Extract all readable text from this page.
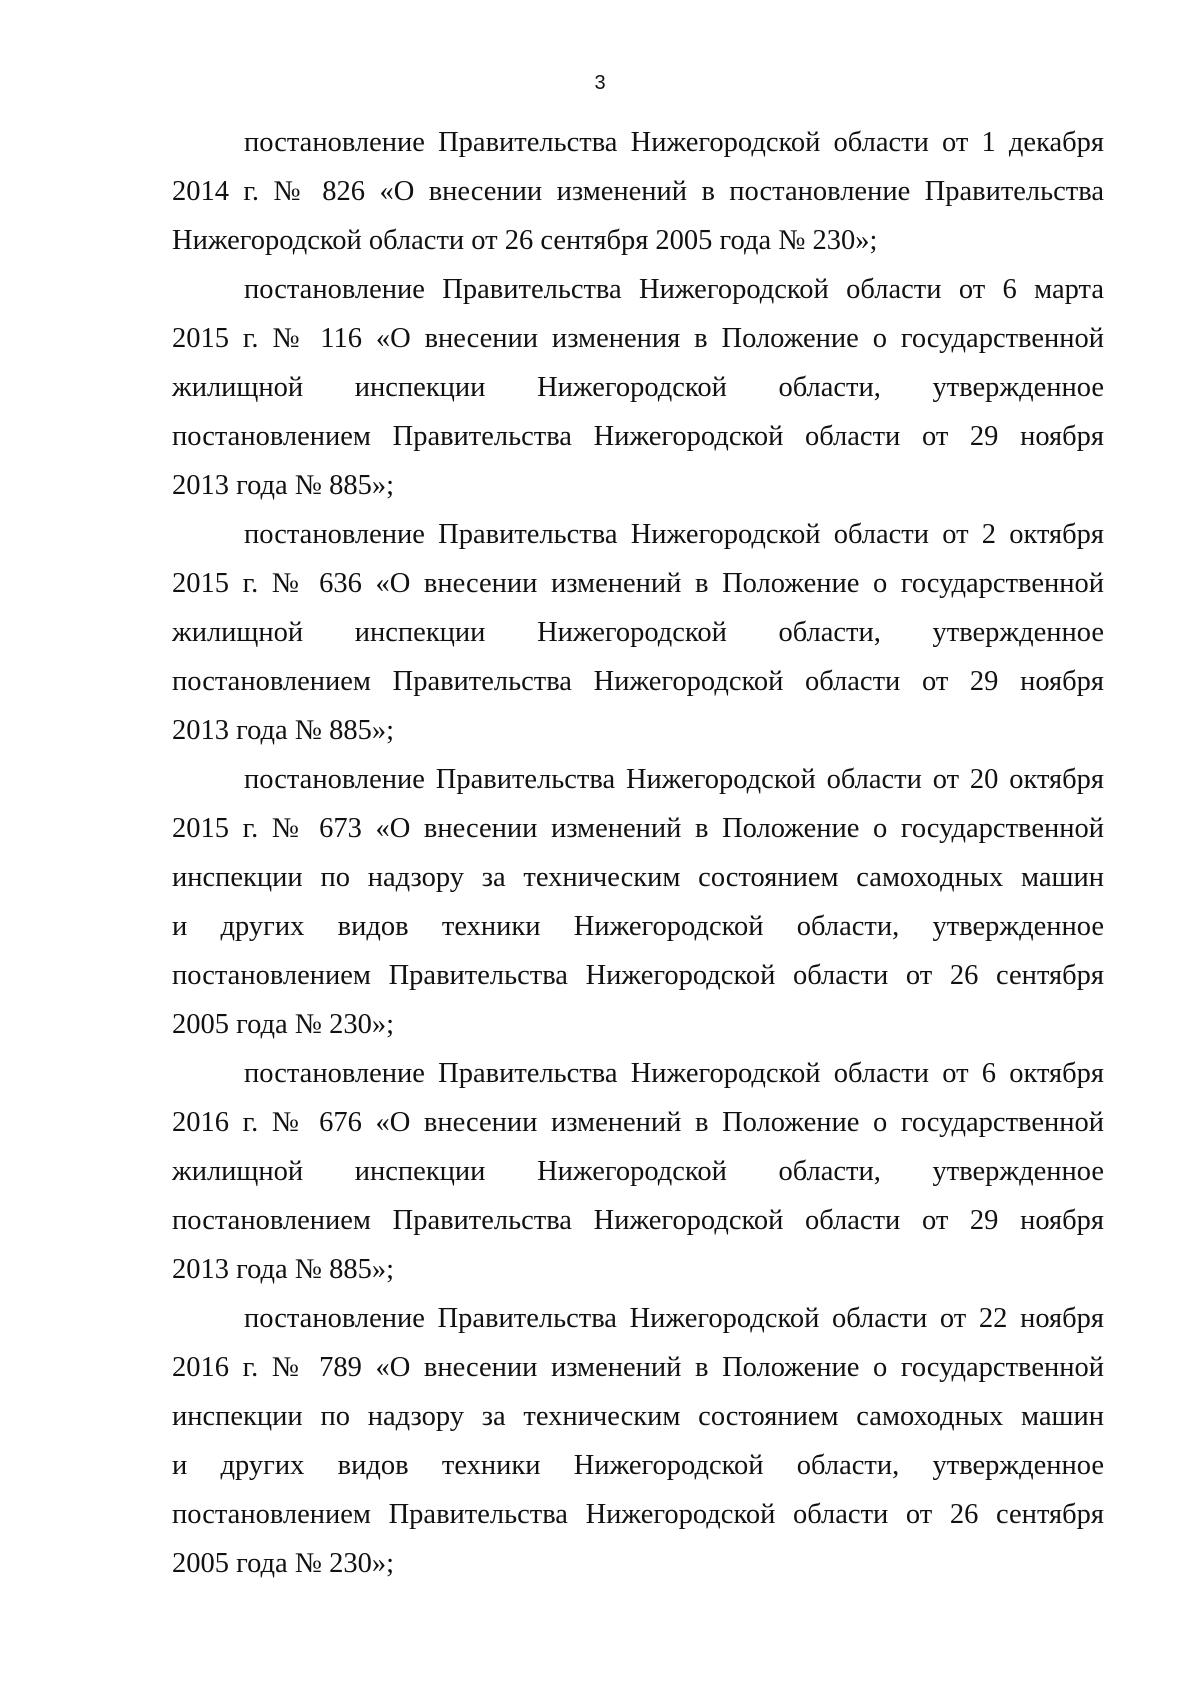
3
постановление Правительства Нижегородской области от 1 декабря
2014 г. № 826 «О внесении изменений в постановление Правительства
Нижегородской области от 26 сентября 2005 года № 230»;
постановление Правительства Нижегородской области от 6 марта
2015 г. № 116 «О внесении изменения в Положение о государственной
жилищной инспекции Нижегородской области, утвержденное
постановлением Правительства Нижегородской области от 29 ноября
2013 года № 885»;
постановление Правительства Нижегородской области от 2 октября
2015 г. № 636 «О внесении изменений в Положение о государственной
жилищной инспекции Нижегородской области, утвержденное
постановлением Правительства Нижегородской области от 29 ноября
2013 года № 885»;
постановление Правительства Нижегородской области от 20 октября
2015 г. № 673 «О внесении изменений в Положение о государственной
инспекции по надзору за техническим состоянием самоходных машин
и других видов техники Нижегородской области, утвержденное
постановлением Правительства Нижегородской области от 26 сентября
2005 года № 230»;
постановление Правительства Нижегородской области от 6 октября
2016 г. № 676 «О внесении изменений в Положение о государственной
жилищной инспекции Нижегородской области, утвержденное
постановлением Правительства Нижегородской области от 29 ноября
2013 года № 885»;
постановление Правительства Нижегородской области от 22 ноября
2016 г. № 789 «О внесении изменений в Положение о государственной
инспекции по надзору за техническим состоянием самоходных машин
и других видов техники Нижегородской области, утвержденное
постановлением Правительства Нижегородской области от 26 сентября
2005 года № 230»;
